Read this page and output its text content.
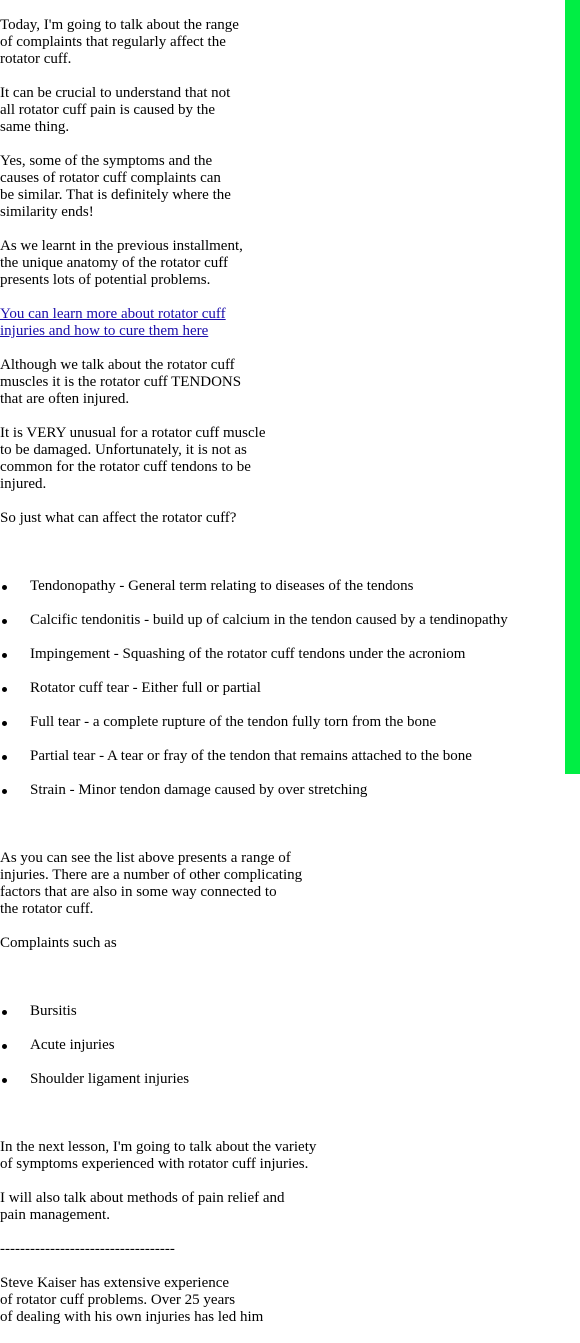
Today, I'm going to talk about the range
of complaints that regularly affect the
rotator cuff.

It can be crucial to understand that not
all rotator cuff pain is caused by the
same thing.

Yes, some of the symptoms and the
causes of rotator cuff complaints can
be similar. That is definitely where the
similarity ends!

As we learnt in the previous installment,
the unique anatomy of the rotator cuff
presents lots of potential problems.

You can learn more about rotator cuff
injuries and how to cure them here

Although we talk about the rotator cuff
muscles it is the rotator cuff TENDONS
that are often injured.

It is VERY unusual for a rotator cuff muscle
to be damaged. Unfortunately, it is not as
common for the rotator cuff tendons to be
injured.

So just what can affect the rotator cuff?

Tendonopathy - General term relating to diseases of the tendons

Calcific tendonitis - build up of calcium in the tendon caused by a tendinopathy

Impingement - Squashing of the rotator cuff tendons under the acroniom

Rotator cuff tear - Either full or partial

Full tear - a complete rupture of the tendon fully torn from the bone

Partial tear - A tear or fray of the tendon that remains attached to the bone

Strain - Minor tendon damage caused by over stretching

As you can see the list above presents a range of
injuries. There are a number of other complicating
factors that are also in some way connected to
the rotator cuff.

Complaints such as

Bursitis

Acute injuries

Shoulder ligament injuries

In the next lesson, I'm going to talk about the variety
of symptoms experienced with rotator cuff injuries.

I will also talk about methods of pain relief and
pain management.

-----------------------------------

Steve Kaiser has extensive experience
of rotator cuff problems. Over 25 years
of dealing with his own injuries has led him
